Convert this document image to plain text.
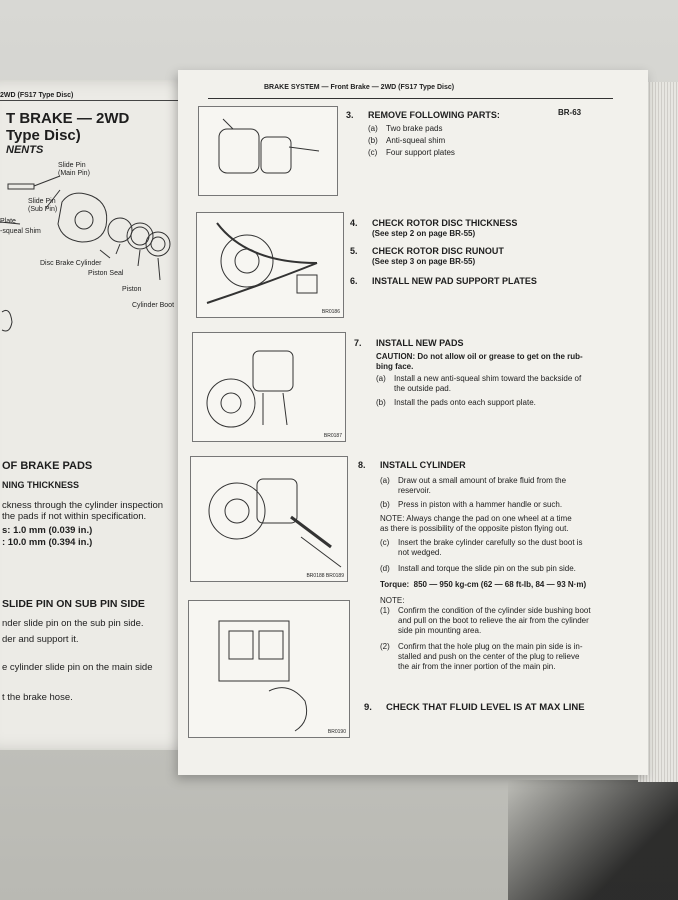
2WD (FS17 Type Disc)
T BRAKE — 2WD
Type Disc)
NENTS
Slide Pin
(Main Pin)
Slide Pin
(Sub Pin)
Plate
-squeal Shim
Disc Brake Cylinder
Piston Seal
Piston
Cylinder Boot
OF BRAKE PADS
NING THICKNESS
ckness through the cylinder inspection
the pads if not within specification.
s: 1.0 mm (0.039 in.)
: 10.0 mm (0.394 in.)
SLIDE PIN ON SUB PIN SIDE
nder slide pin on the sub pin side.
der and support it.
e cylinder slide pin on the main side
t the brake hose.
BRAKE SYSTEM — Front Brake — 2WD (FS17 Type Disc)
BR-63
BR0186
BR0187
BR0188 BR0189
BR0190
3. REMOVE FOLLOWING PARTS:
(a) Two brake pads
(b) Anti-squeal shim
(c) Four support plates
4. CHECK ROTOR DISC THICKNESS
(See step 2 on page BR-55)
5. CHECK ROTOR DISC RUNOUT
(See step 3 on page BR-55)
6. INSTALL NEW PAD SUPPORT PLATES
7. INSTALL NEW PADS
CAUTION: Do not allow oil or grease to get on the rub-
bing face.
(a) Install a new anti-squeal shim toward the backside of
the outside pad.
(b) Install the pads onto each support plate.
8. INSTALL CYLINDER
(a) Draw out a small amount of brake fluid from the
reservoir.
(b) Press in piston with a hammer handle or such.
NOTE: Always change the pad on one wheel at a time
as there is possibility of the opposite piston flying out.
(c) Insert the brake cylinder carefully so the dust boot is
not wedged.
(d) Install and torque the slide pin on the sub pin side.
Torque: 850 — 950 kg-cm (62 — 68 ft-lb, 84 — 93 N·m)
NOTE:
(1) Confirm the condition of the cylinder side bushing boot
and pull on the boot to relieve the air from the cylinder
side pin mounting area.
(2) Confirm that the hole plug on the main pin side is in-
stalled and push on the center of the plug to relieve
the air from the inner portion of the main pin.
9. CHECK THAT FLUID LEVEL IS AT MAX LINE
